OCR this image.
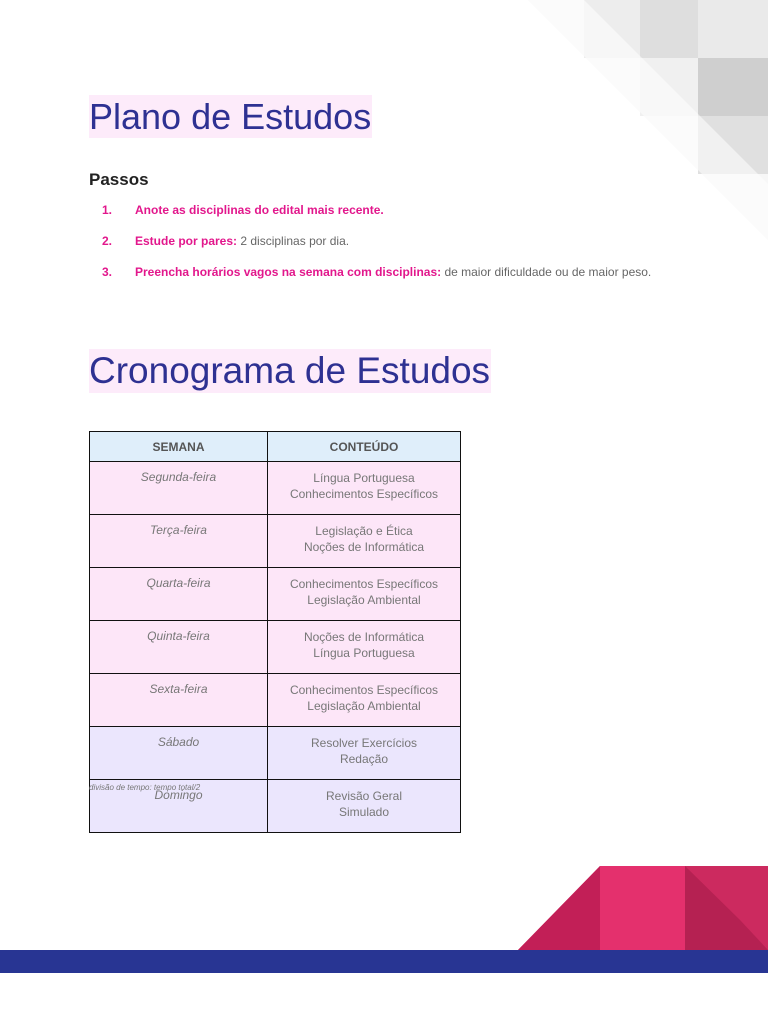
Plano de Estudos
Passos
1.	Anote as disciplinas do edital mais recente.
2.	Estude por pares: 2 disciplinas por dia.
3.	Preencha horários vagos na semana com disciplinas: de maior dificuldade ou de maior peso.
Cronograma de Estudos
SEMANA	CONTEÚDO
Segunda-feira	Língua Portuguesa
Conhecimentos Específicos

Terça-feira	Legislação e Ética
Noções de Informática

Quarta-feira	Conhecimentos Específicos
Legislação Ambiental

Quinta-feira	Noções de Informática
Língua Portuguesa

Sexta-feira	Conhecimentos Específicos
Legislação Ambiental

Sábado	Resolver Exercícios
Redação

Domingo	Revisão Geral
Simulado
divisão de tempo: tempo total/2
